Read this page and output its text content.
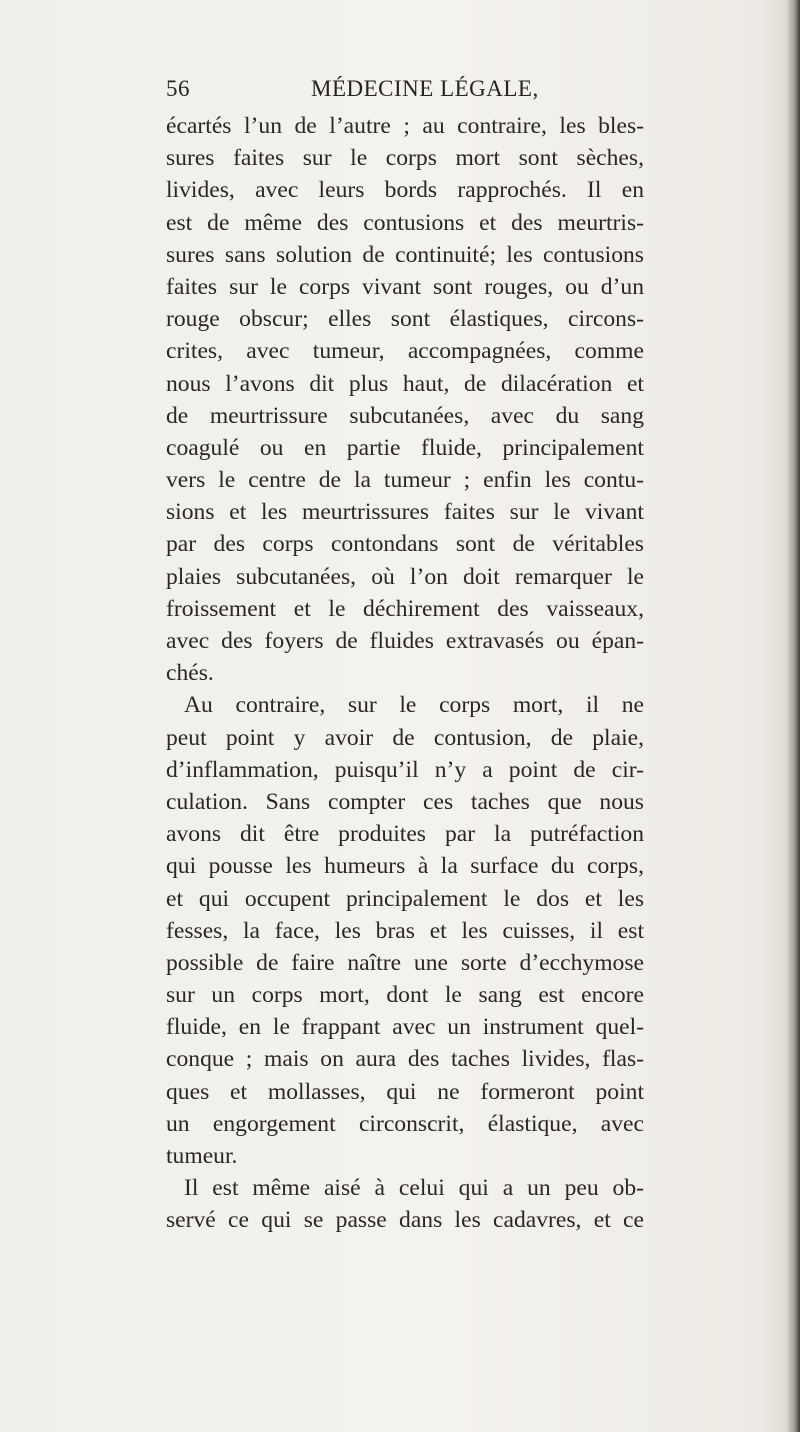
56	MÉDECINE LÉGALE,
écartés l’un de l’autre ; au contraire, les bles-
sures faites sur le corps mort sont sèches,
livides, avec leurs bords rapprochés. Il en
est de même des contusions et des meurtris-
sures sans solution de continuité; les contusions
faites sur le corps vivant sont rouges, ou d’un
rouge obscur; elles sont élastiques, circons-
crites, avec tumeur, accompagnées, comme
nous l’avons dit plus haut, de dilacération et
de meurtrissure subcutanées, avec du sang
coagulé ou en partie fluide, principalement
vers le centre de la tumeur ; enfin les contu-
sions et les meurtrissures faites sur le vivant
par des corps contondans sont de véritables
plaies subcutanées, où l’on doit remarquer le
froissement et le déchirement des vaisseaux,
avec des foyers de fluides extravasés ou épan-
chés.
Au contraire, sur le corps mort, il ne
peut point y avoir de contusion, de plaie,
d’inflammation, puisqu’il n’y a point de cir-
culation. Sans compter ces taches que nous
avons dit être produites par la putréfaction
qui pousse les humeurs à la surface du corps,
et qui occupent principalement le dos et les
fesses, la face, les bras et les cuisses, il est
possible de faire naître une sorte d’ecchymose
sur un corps mort, dont le sang est encore
fluide, en le frappant avec un instrument quel-
conque ; mais on aura des taches livides, flas-
ques et mollasses, qui ne formeront point
un engorgement circonscrit, élastique, avec
tumeur.
Il est même aisé à celui qui a un peu ob-
servé ce qui se passe dans les cadavres, et ce
